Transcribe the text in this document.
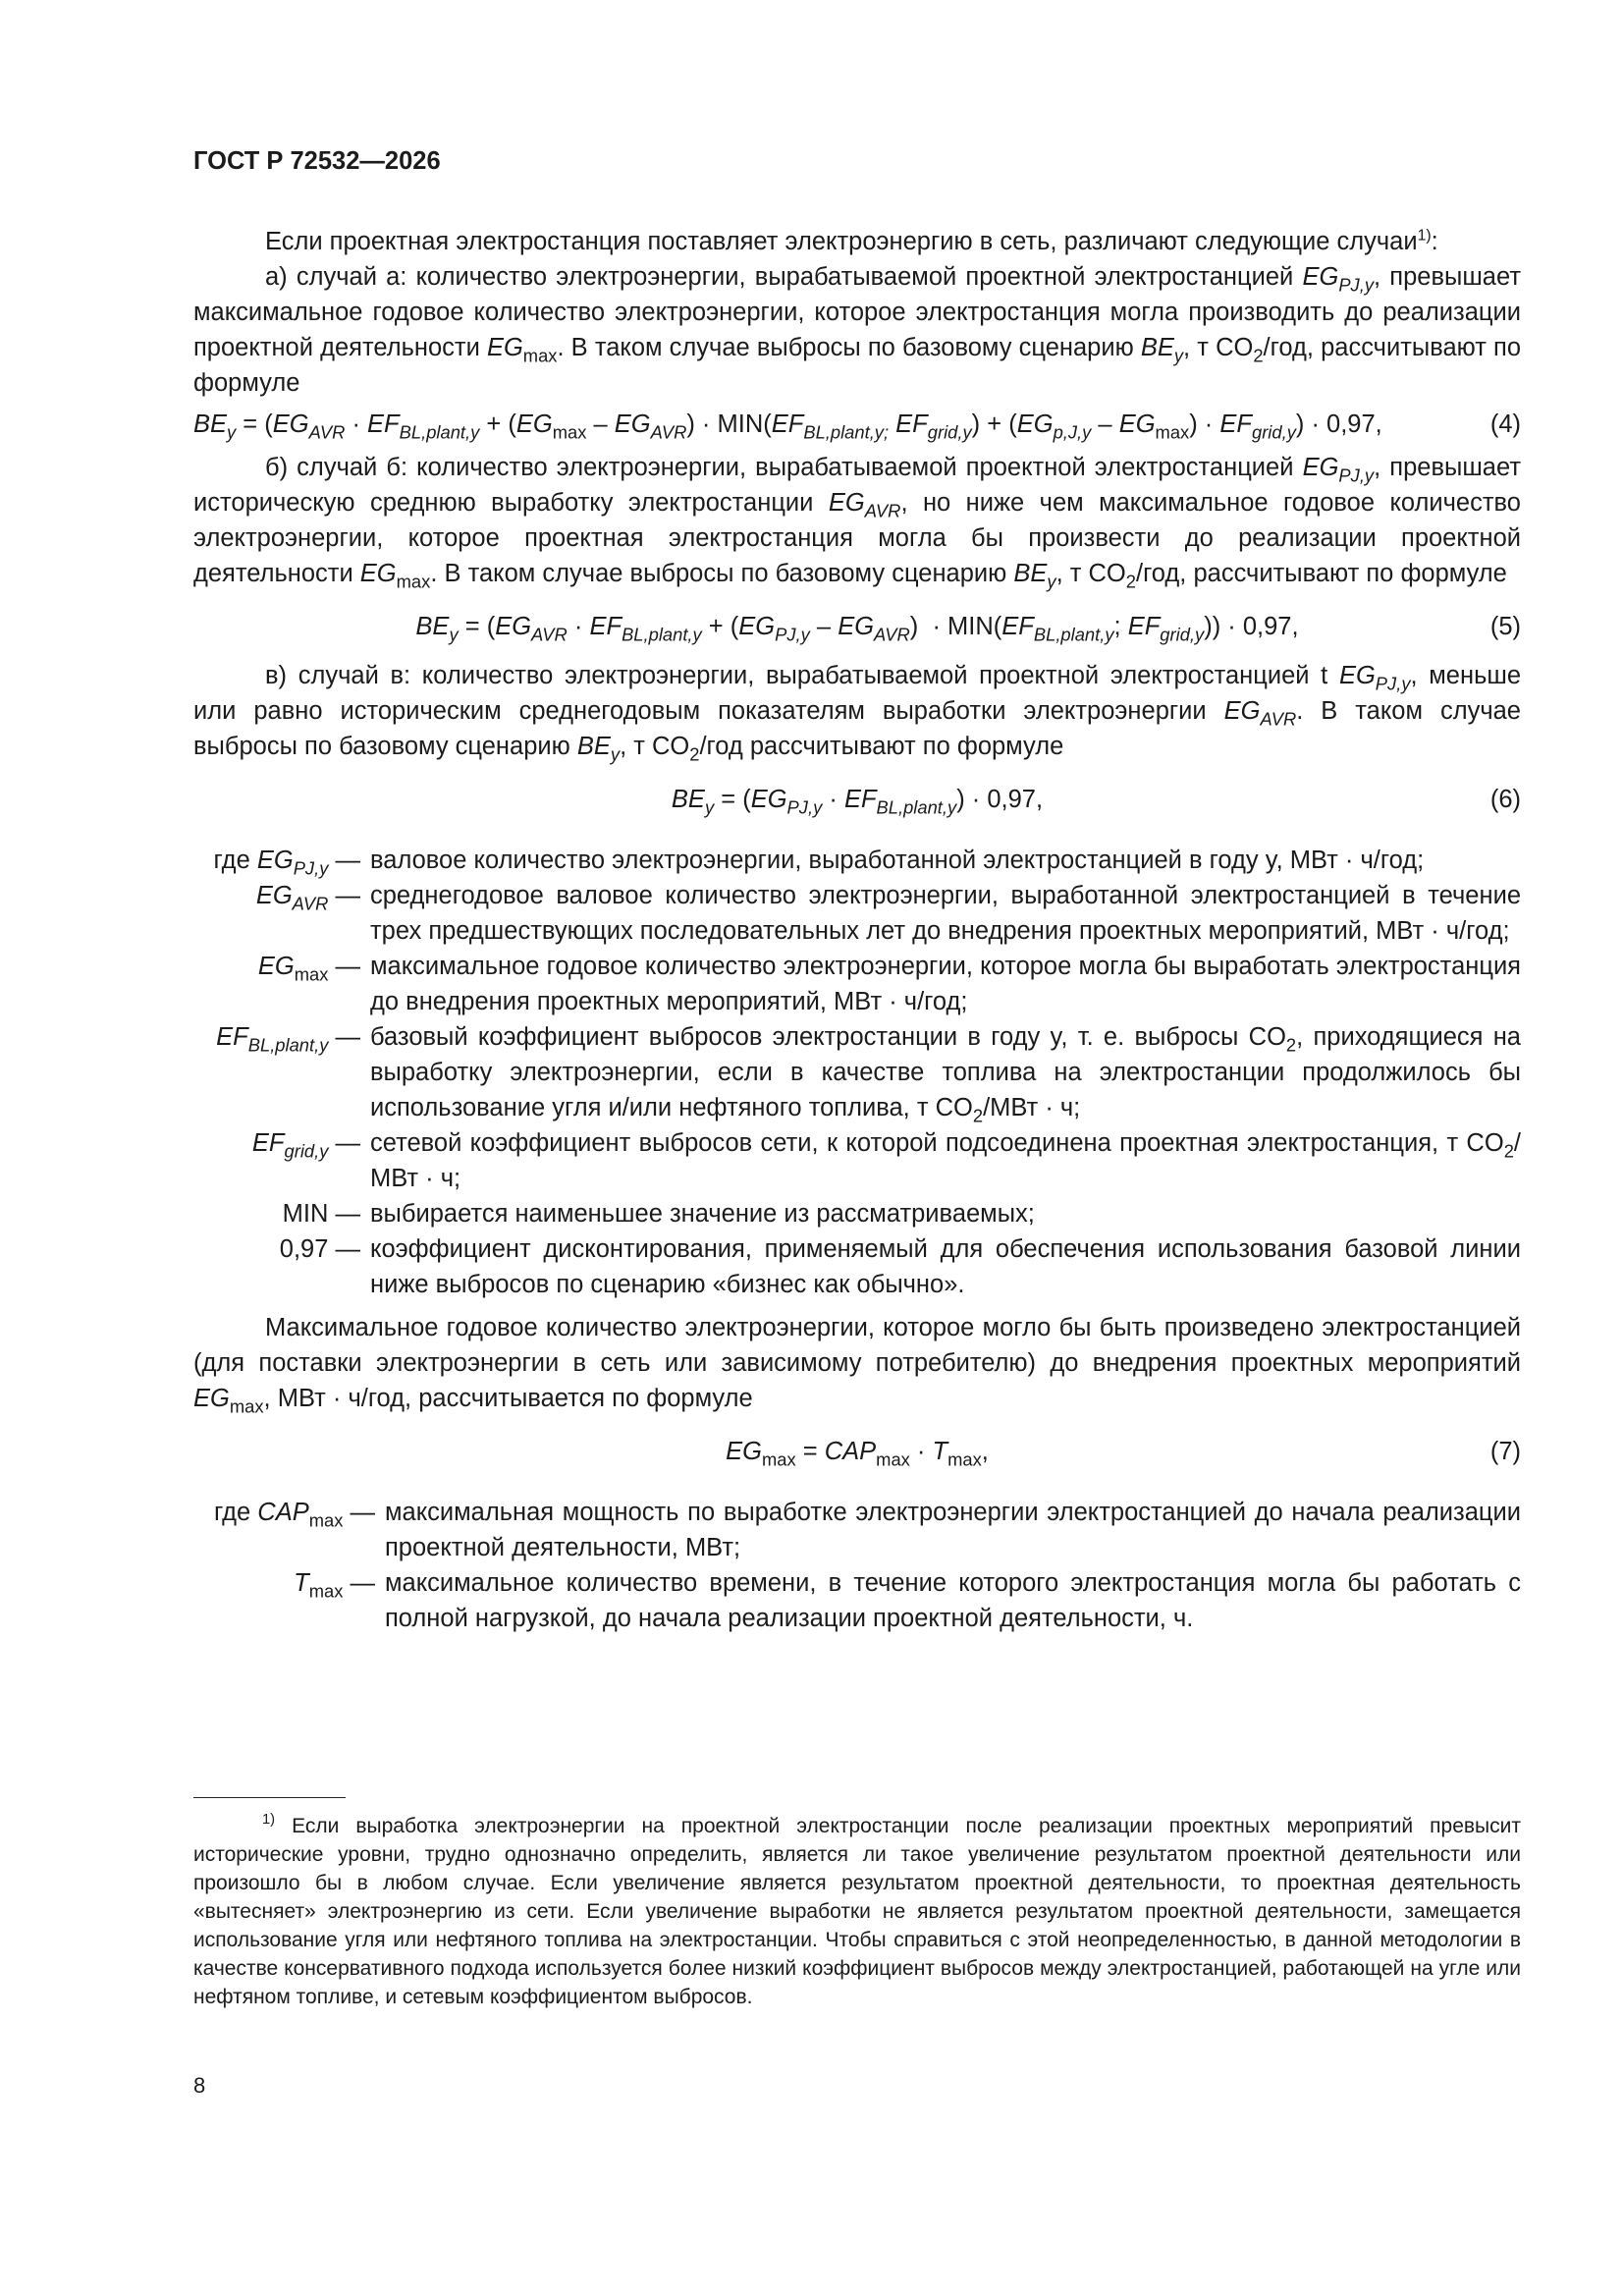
ГОСТ Р 72532—2026

Если проектная электростанция поставляет электроэнергию в сеть, различают следующие случаи$^{1)}$:

а) случай а: количество электроэнергии, вырабатываемой проектной электростанцией $EG_{PJ,y}$, превышает максимальное годовое количество электроэнергии, которое электростанция могла производить до реализации проектной деятельности $EG_{max}$. В таком случае выбросы по базовому сценарию $BE_y$, т $CO_2$/год, рассчитывают по формуле

$BE_y = (EG_{AVR} \cdot EF_{BL,plant,y} + (EG_{max} - EG_{AVR}) \cdot MIN(EF_{BL,plant,y;}$ $EF_{grid,y}) + (EG_{p,J,y} - EG_{max}) \cdot EF_{grid,y}) \cdot 0,97$,	(4)

б) случай б: количество электроэнергии, вырабатываемой проектной электростанцией $EG_{PJ,y}$, превышает историческую среднюю выработку электростанции $EG_{AVR}$, но ниже чем максимальное годовое количество электроэнергии, которое проектная электростанция могла бы произвести до реализации проектной деятельности $EG_{max}$. В таком случае выбросы по базовому сценарию $BE_y$, т $CO_2$/год, рассчитывают по формуле

$BE_y = (EG_{AVR} \cdot EF_{BL,plant,y} + (EG_{PJ,y} - EG_{AVR}) \cdot MIN(EF_{BL,plant,y}$; $EF_{grid,y})) \cdot 0,97$,	(5)

в) случай в: количество электроэнергии, вырабатываемой проектной электростанцией t $EG_{PJ,y}$, меньше или равно историческим среднегодовым показателям выработки электроэнергии $EG_{AVR}$. В таком случае выбросы по базовому сценарию $BE_y$, т $CO_2$/год рассчитывают по формуле

$BE_y = (EG_{PJ,y} \cdot EF_{BL,plant,y}) \cdot 0,97$,	(6)
где $EG_{PJ,y}$ — валовое количество электроэнергии, выработанной электростанцией в году y, МВт · ч/год;
$EG_{AVR}$ — среднегодовое валовое количество электроэнергии, выработанной электростанцией в течение трех предшествующих последовательных лет до внедрения проектных мероприятий, МВт · ч/год;
$EG_{max}$ — максимальное годовое количество электроэнергии, которое могла бы выработать электростанция до внедрения проектных мероприятий, МВт · ч/год;
$EF_{BL,plant,y}$ — базовый коэффициент выбросов электростанции в году y, т. е. выбросы $CO_2$, приходящиеся на выработку электроэнергии, если в качестве топлива на электростанции продолжилось бы использование угля и/или нефтяного топлива, т $CO_2$/МВт · ч;
$EF_{grid,y}$ — сетевой коэффициент выбросов сети, к которой подсоединена проектная электростанция, т $CO_2$/МВт · ч;
MIN — выбирается наименьшее значение из рассматриваемых;
0,97 — коэффициент дисконтирования, применяемый для обеспечения использования базовой линии ниже выбросов по сценарию «бизнес как обычно».

Максимальное годовое количество электроэнергии, которое могло бы быть произведено электростанцией (для поставки электроэнергии в сеть или зависимому потребителю) до внедрения проектных мероприятий $EG_{max}$, МВт · ч/год, рассчитывается по формуле

$EG_{max} = CAP_{max} \cdot T_{max}$,	(7)
где $CAP_{max}$ — максимальная мощность по выработке электроэнергии электростанцией до начала реализации проектной деятельности, МВт;
$T_{max}$ — максимальное количество времени, в течение которого электростанция могла бы работать с полной нагрузкой, до начала реализации проектной деятельности, ч.
$^{1)}$ Если выработка электроэнергии на проектной электростанции после реализации проектных мероприятий превысит исторические уровни, трудно однозначно определить, является ли такое увеличение результатом проектной деятельности или произошло бы в любом случае. Если увеличение является результатом проектной деятельности, то проектная деятельность «вытесняет» электроэнергию из сети. Если увеличение выработки не является результатом проектной деятельности, замещается использование угля или нефтяного топлива на электростанции. Чтобы справиться с этой неопределенностью, в данной методологии в качестве консервативного подхода используется более низкий коэффициент выбросов между электростанцией, работающей на угле или нефтяном топливе, и сетевым коэффициентом выбросов.
8
